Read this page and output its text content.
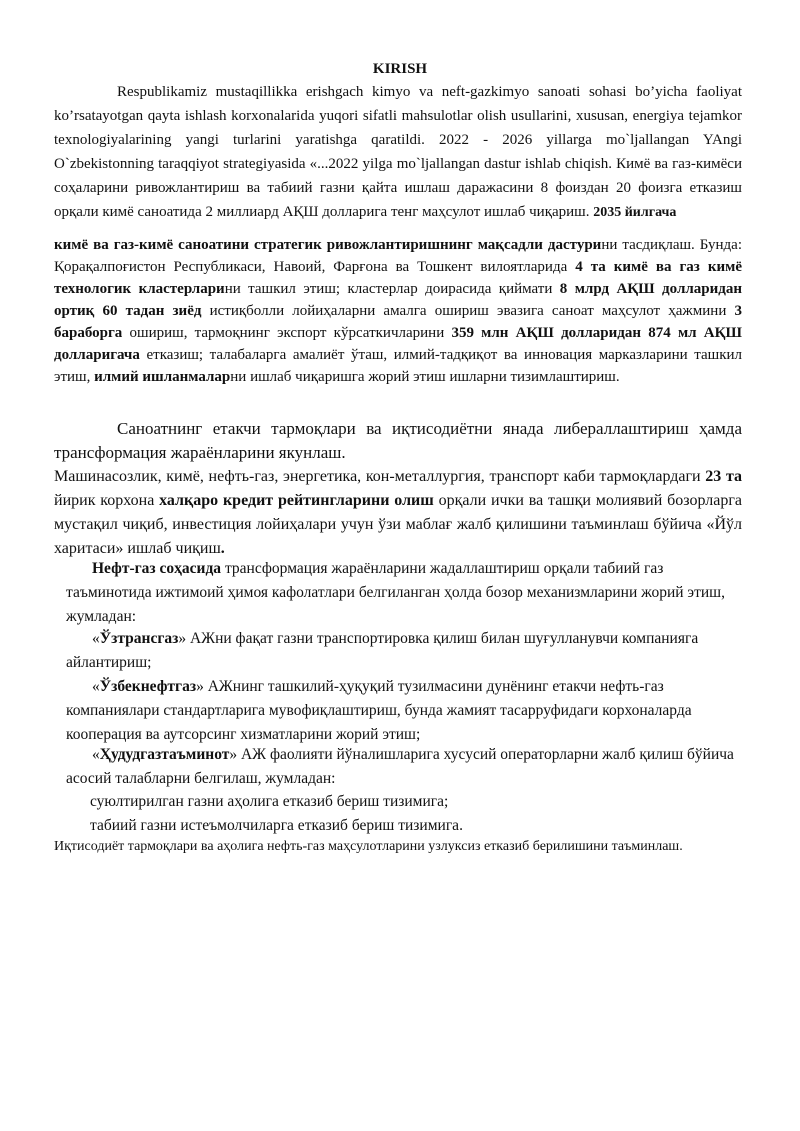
KIRISH

Respublikamiz mustaqillikka erishgach kimyo va neft-gazkimyo sanoati sohasi bo’yicha faoliyat ko’rsatayotgan qayta ishlash korxonalarida yuqori sifatli mahsulotlar olish usullarini, xususan, energiya tejamkor texnologiyalarining yangi turlarini yaratishga qaratildi. 2022 - 2026 yillarga mo`ljallangan YAngi O`zbekistonning taraqqiyot strategiyasida «...2022 yilga mo`ljallangan dastur ishlab chiqish. Кимё ва газ-кимёси соҳаларини ривожлантириш ва табиий газни қайта ишлаш даражасини 8 фоиздан 20 фоизга етказиш орқали кимё саноатида 2 миллиард АҚШ долларига тенг маҳсулот ишлаб чиқариш. 2035 йилгача

кимё ва газ-кимё саноатини стратегик ривожлантиришнинг мақсадли дастурини тасдиқлаш. Бунда: Қорақалпоғистон Республикаси, Навоий, Фарғона ва Тошкент вилоятларида 4 та кимё ва газ кимё технологик кластерларини ташкил этиш; кластерлар доирасида қиймати 8 млрд АҚШ долларидан ортиқ 60 тадан зиёд истиқболли лойиҳаларни амалга ошириш эвазига саноат маҳсулот ҳажмини 3 бараборга ошириш, тармоқнинг экспорт кўрсаткичларини 359 млн АҚШ долларидан 874 мл АҚШ долларигача етказиш; талабаларга амалиёт ўташ, илмий-тадқиқот ва инновация марказларини ташкил этиш, илмий ишланмаларни ишлаб чиқаришга жорий этиш ишларни тизимлаштириш.

Саноатнинг етакчи тармоқлари ва иқтисодиётни янада либераллаштириш ҳамда трансформация жараёнларини якунлаш.

Машинасозлик, кимё, нефть-газ, энергетика, кон-металлургия, транспорт каби тармоқлардаги 23 та йирик корхона халқаро кредит рейтингларини олиш орқали ички ва ташқи молиявий бозорларга мустақил чиқиб, инвестиция лойиҳалари учун ўзи маблағ жалб қилишини таъминлаш бўйича «Йўл харитаси» ишлаб чиқиш.

Нефт-газ соҳасида трансформация жараёнларини жадаллаштириш орқали табиий газ таъминотида ижтимоий ҳимоя кафолатлари белгиланган ҳолда бозор механизмларини жорий этиш, жумладан:

«Ўзтрансгаз» АЖни фақат газни транспортировка қилиш билан шуғулланувчи компанияга айлантириш;

«Ўзбекнефтгаз» АЖнинг ташкилий-ҳуқуқий тузилмасини дунёнинг етакчи нефть-газ компаниялари стандартларига мувофиқлаштириш, бунда жамият тасарруфидаги корхоналарда кооперация ва аутсорсинг хизматларини жорий этиш;

«Ҳудудгазтаъминот» АЖ фаолияти йўналишларига хусусий операторларни жалб қилиш бўйича асосий талабларни белгилаш, жумладан:

суюлтирилган газни аҳолига етказиб бериш тизимига;

табиий газни истеъмолчиларга етказиб бериш тизимига.

Иқтисодиёт тармоқлари ва аҳолига нефть-газ маҳсулотларини узлуксиз етказиб берилишини таъминлаш.
